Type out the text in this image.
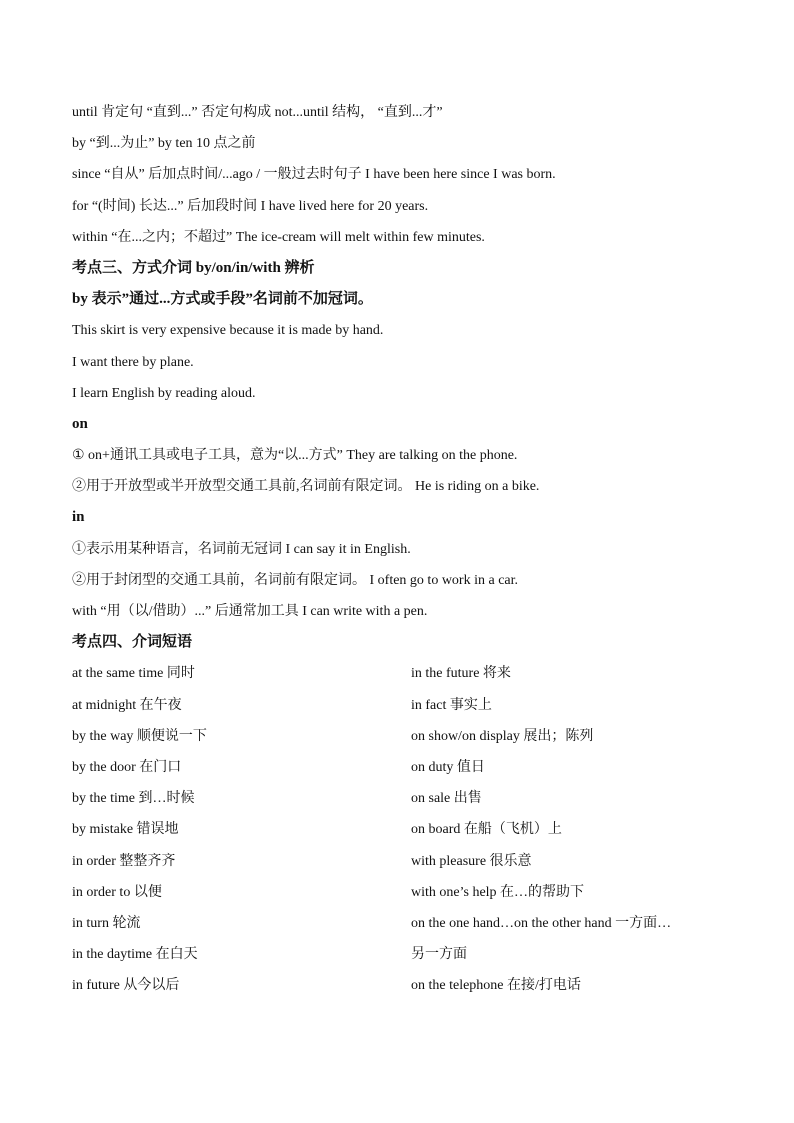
until 肯定句 “直到...” 否定句构成 not...until 结构， “直到...才”
by “到...为止” by ten 10 点之前
since “自从” 后加点时间/...ago / 一般过去时句子 I have been here since I was born.
for “(时间) 长达...” 后加段时间 I have lived here for 20 years.
within “在...之内；不超过” The ice-cream will melt within few minutes.
考点三、方式介词 by/on/in/with 辨析
by 表示”通过...方式或手段”名词前不加冠词。
This skirt is very expensive because it is made by hand.
I want there by plane.
I learn English by reading aloud.
on
① on+通讯工具或电子工具，意为“以...方式” They are talking on the phone.
②用于开放型或半开放型交通工具前,名词前有限定词。 He is riding on a bike.
in
①表示用某种语言，名词前无冠词 I can say it in English.
②用于封闭型的交通工具前，名词前有限定词。 I often go to work in a car.
with “用（以/借助）...” 后通常加工具 I can write with a pen.
考点四、介词短语
at the same time 同时	in the future 将来
at midnight 在午夜	in fact 事实上
by the way 顺便说一下	on show/on display 展出；陈列
by the door 在门口	on duty 值日
by the time 到…时候	on sale 出售
by mistake 错误地	on board 在船（飞机）上
in order 整整齐齐	with pleasure 很乐意
in order to 以便	with one’s help 在…的帮助下
in turn 轮流	on the one hand…on the other hand 一方面…
in the daytime 在白天	另一方面
in future 从今以后	on the telephone 在接/打电话
